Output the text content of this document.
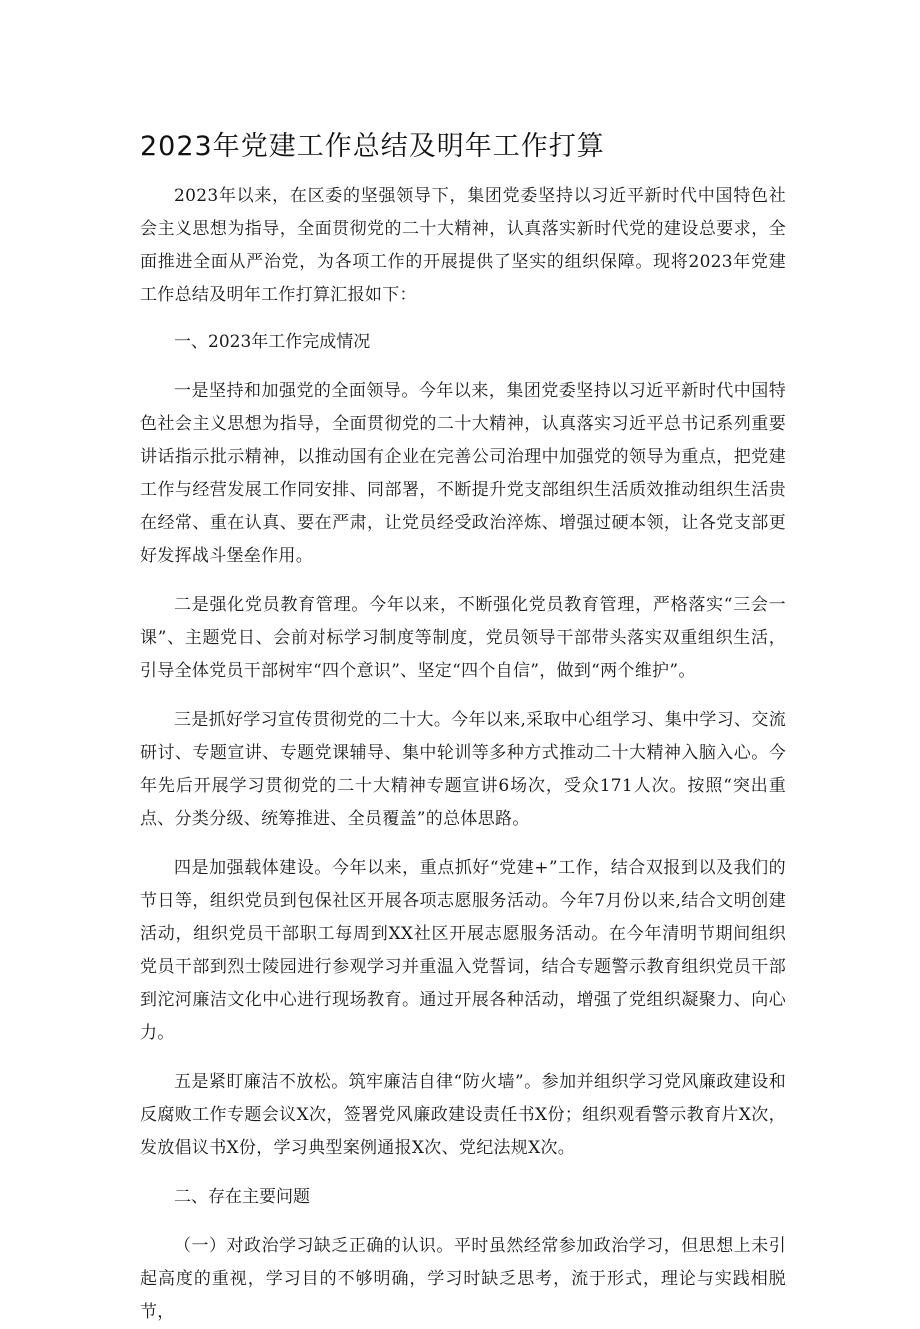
2023年党建工作总结及明年工作打算

2023年以来，在区委的坚强领导下，集团党委坚持以习近平新时代中国特色社会主义思想为指导，全面贯彻党的二十大精神，认真落实新时代党的建设总要求，全面推进全面从严治党，为各项工作的开展提供了坚实的组织保障。现将2023年党建工作总结及明年工作打算汇报如下：

一、2023年工作完成情况

一是坚持和加强党的全面领导。今年以来，集团党委坚持以习近平新时代中国特色社会主义思想为指导，全面贯彻党的二十大精神，认真落实习近平总书记系列重要讲话指示批示精神，以推动国有企业在完善公司治理中加强党的领导为重点，把党建工作与经营发展工作同安排、同部署，不断提升党支部组织生活质效推动组织生活贵在经常、重在认真、要在严肃，让党员经受政治淬炼、增强过硬本领，让各党支部更好发挥战斗堡垒作用。

二是强化党员教育管理。今年以来，不断强化党员教育管理，严格落实“三会一课”、主题党日、会前对标学习制度等制度，党员领导干部带头落实双重组织生活，引导全体党员干部树牢“四个意识”、坚定“四个自信”，做到“两个维护”。

三是抓好学习宣传贯彻党的二十大。今年以来,采取中心组学习、集中学习、交流研讨、专题宣讲、专题党课辅导、集中轮训等多种方式推动二十大精神入脑入心。今年先后开展学习贯彻党的二十大精神专题宣讲6场次，受众171人次。按照“突出重点、分类分级、统筹推进、全员覆盖”的总体思路。

四是加强载体建设。今年以来，重点抓好“党建+”工作，结合双报到以及我们的节日等，组织党员到包保社区开展各项志愿服务活动。今年7月份以来,结合文明创建活动，组织党员干部职工每周到XX社区开展志愿服务活动。在今年清明节期间组织党员干部到烈士陵园进行参观学习并重温入党誓词，结合专题警示教育组织党员干部到沱河廉洁文化中心进行现场教育。通过开展各种活动，增强了党组织凝聚力、向心力。

五是紧盯廉洁不放松。筑牢廉洁自律“防火墙”。参加并组织学习党风廉政建设和反腐败工作专题会议X次，签署党风廉政建设责任书X份；组织观看警示教育片X次，发放倡议书X份，学习典型案例通报X次、党纪法规X次。

二、存在主要问题

（一）对政治学习缺乏正确的认识。平时虽然经常参加政治学习，但思想上未引起高度的重视，学习目的不够明确，学习时缺乏思考，流于形式，理论与实践相脱节，
